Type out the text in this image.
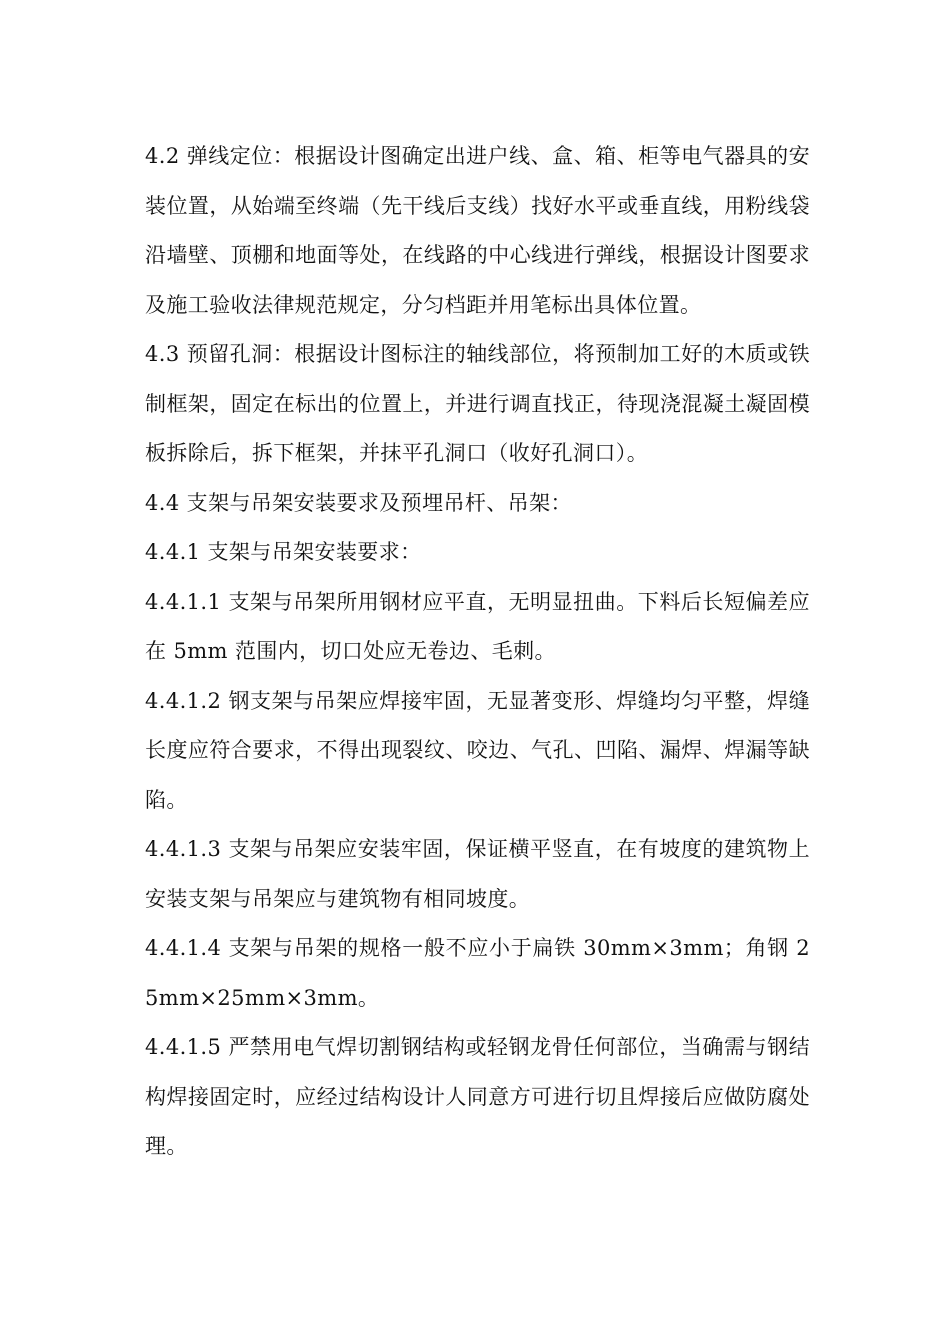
4.2 弹线定位：根据设计图确定出进户线、盒、箱、柜等电气器具的安装位置，从始端至终端（先干线后支线）找好水平或垂直线，用粉线袋沿墙壁、顶棚和地面等处，在线路的中心线进行弹线，根据设计图要求及施工验收法律规范规定，分匀档距并用笔标出具体位置。

4.3 预留孔洞：根据设计图标注的轴线部位，将预制加工好的木质或铁制框架，固定在标出的位置上，并进行调直找正，待现浇混凝土凝固模板拆除后，拆下框架，并抹平孔洞口（收好孔洞口）。

4.4 支架与吊架安装要求及预埋吊杆、吊架：

4.4.1 支架与吊架安装要求：

4.4.1.1 支架与吊架所用钢材应平直，无明显扭曲。下料后长短偏差应在 5mm 范围内，切口处应无卷边、毛刺。

4.4.1.2 钢支架与吊架应焊接牢固，无显著变形、焊缝均匀平整，焊缝长度应符合要求，不得出现裂纹、咬边、气孔、凹陷、漏焊、焊漏等缺陷。

4.4.1.3 支架与吊架应安装牢固，保证横平竖直，在有坡度的建筑物上安装支架与吊架应与建筑物有相同坡度。

4.4.1.4 支架与吊架的规格一般不应小于扁铁 30mm×3mm；角钢 25mm×25mm×3mm。

4.4.1.5 严禁用电气焊切割钢结构或轻钢龙骨任何部位，当确需与钢结构焊接固定时，应经过结构设计人同意方可进行切且焊接后应做防腐处理。
